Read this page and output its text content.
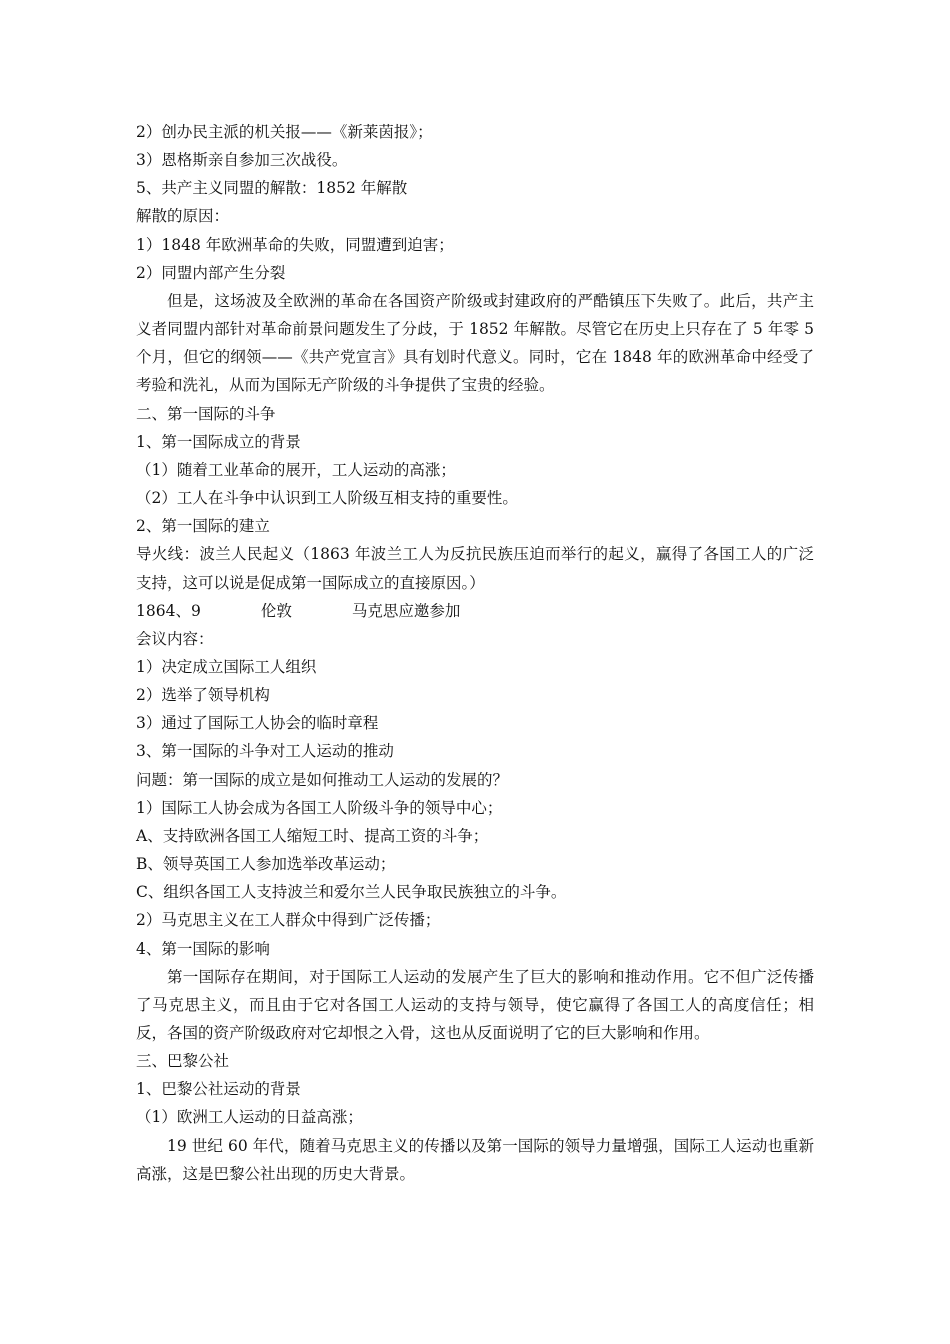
2）创办民主派的机关报——《新莱茵报》；
3）恩格斯亲自参加三次战役。
5、共产主义同盟的解散：1852 年解散
解散的原因：
1）1848 年欧洲革命的失败，同盟遭到迫害；
2）同盟内部产生分裂
但是，这场波及全欧洲的革命在各国资产阶级或封建政府的严酷镇压下失败了。此后，共产主义者同盟内部针对革命前景问题发生了分歧，于 1852 年解散。尽管它在历史上只存在了 5 年零 5 个月，但它的纲领——《共产党宣言》具有划时代意义。同时，它在 1848 年的欧洲革命中经受了考验和洗礼，从而为国际无产阶级的斗争提供了宝贵的经验。
二、第一国际的斗争
1、第一国际成立的背景
（1）随着工业革命的展开，工人运动的高涨；
（2）工人在斗争中认识到工人阶级互相支持的重要性。
2、第一国际的建立
导火线：波兰人民起义（1863 年波兰工人为反抗民族压迫而举行的起义，赢得了各国工人的广泛支持，这可以说是促成第一国际成立的直接原因。）
1864、9	伦敦	马克思应邀参加
会议内容：
1）决定成立国际工人组织
2）选举了领导机构
3）通过了国际工人协会的临时章程
3、第一国际的斗争对工人运动的推动
问题：第一国际的成立是如何推动工人运动的发展的？
1）国际工人协会成为各国工人阶级斗争的领导中心；
A、支持欧洲各国工人缩短工时、提高工资的斗争；
B、领导英国工人参加选举改革运动；
C、组织各国工人支持波兰和爱尔兰人民争取民族独立的斗争。
2）马克思主义在工人群众中得到广泛传播；
4、第一国际的影响
第一国际存在期间，对于国际工人运动的发展产生了巨大的影响和推动作用。它不但广泛传播了马克思主义，而且由于它对各国工人运动的支持与领导，使它赢得了各国工人的高度信任；相反，各国的资产阶级政府对它却恨之入骨，这也从反面说明了它的巨大影响和作用。
三、巴黎公社
1、巴黎公社运动的背景
（1）欧洲工人运动的日益高涨；
19 世纪 60 年代，随着马克思主义的传播以及第一国际的领导力量增强，国际工人运动也重新高涨，这是巴黎公社出现的历史大背景。
